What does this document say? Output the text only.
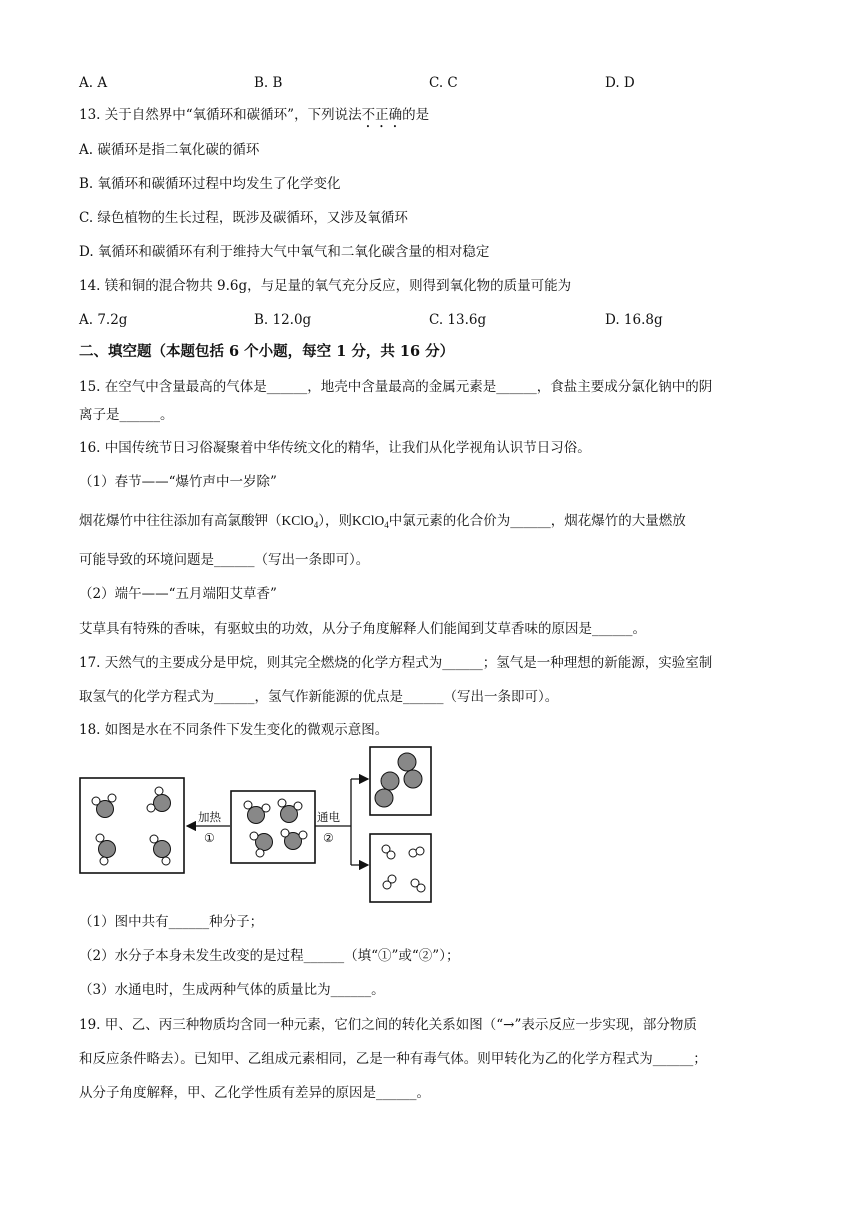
A. A	B. B	C. C	D. D
13. 关于自然界中“氧循环和碳循环”，下列说法不正确的是
A. 碳循环是指二氧化碳的循环
B. 氧循环和碳循环过程中均发生了化学变化
C. 绿色植物的生长过程，既涉及碳循环，又涉及氧循环
D. 氧循环和碳循环有利于维持大气中氧气和二氧化碳含量的相对稳定
14. 镁和铜的混合物共 9.6g，与足量的氧气充分反应，则得到氧化物的质量可能为
A. 7.2g	B. 12.0g	C. 13.6g	D. 16.8g
二、填空题（本题包括 6 个小题，每空 1 分，共 16 分）
15. 在空气中含量最高的气体是______，地壳中含量最高的金属元素是______，食盐主要成分氯化钠中的阴
离子是______。
16. 中国传统节日习俗凝聚着中华传统文化的精华，让我们从化学视角认识节日习俗。
（1）春节——“爆竹声中一岁除”
烟花爆竹中往往添加有高氯酸钾（KClO$_4$），则KClO$_4$中氯元素的化合价为______，烟花爆竹的大量燃放
可能导致的环境问题是______（写出一条即可）。
（2）端午——“五月端阳艾草香”
艾草具有特殊的香味，有驱蚊虫的功效，从分子角度解释人们能闻到艾草香味的原因是______。
17. 天然气的主要成分是甲烷，则其完全燃烧的化学方程式为______；氢气是一种理想的新能源，实验室制
取氢气的化学方程式为______，氢气作新能源的优点是______（写出一条即可）。
18. 如图是水在不同条件下发生变化的微观示意图。
加热
①
通电
②
（1）图中共有______种分子；
（2）水分子本身未发生改变的是过程______（填“①”或“②”）；
（3）水通电时，生成两种气体的质量比为______。
19. 甲、乙、丙三种物质均含同一种元素，它们之间的转化关系如图（“→”表示反应一步实现，部分物质
和反应条件略去）。已知甲、乙组成元素相同，乙是一种有毒气体。则甲转化为乙的化学方程式为______；
从分子角度解释，甲、乙化学性质有差异的原因是______。
